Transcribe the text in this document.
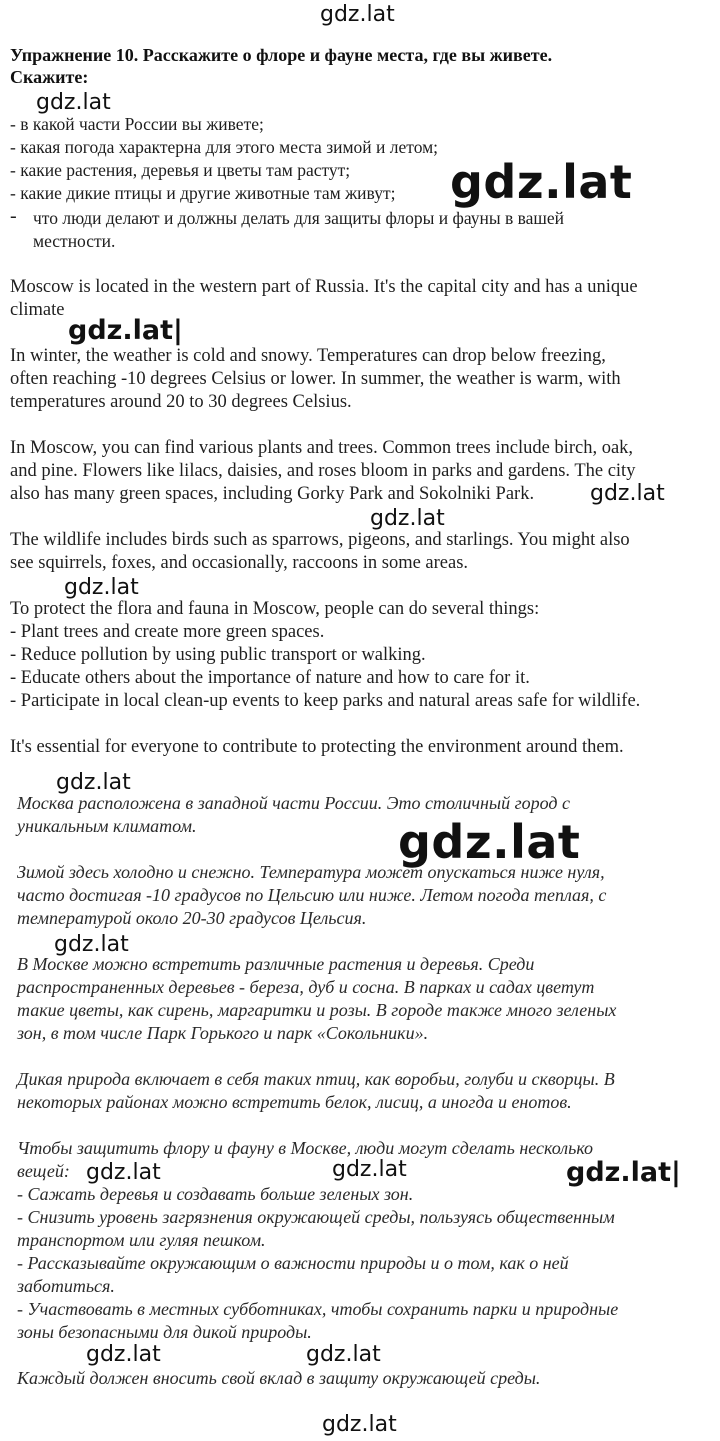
Упражнение 10. Расскажите о флоре и фауне места, где вы живете.
Скажите:
- в какой части России вы живете;
- какая погода характерна для этого места зимой и летом;
- какие растения, деревья и цветы там растут;
- какие дикие птицы и другие животные там живут;
- что люди делают и должны делать для защиты флоры и фауны в вашей
местности.
Moscow is located in the western part of Russia. It's the capital city and has a unique
climate
In winter, the weather is cold and snowy. Temperatures can drop below freezing,
often reaching -10 degrees Celsius or lower. In summer, the weather is warm, with
temperatures around 20 to 30 degrees Celsius.
In Moscow, you can find various plants and trees. Common trees include birch, oak,
and pine. Flowers like lilacs, daisies, and roses bloom in parks and gardens. The city
also has many green spaces, including Gorky Park and Sokolniki Park.
The wildlife includes birds such as sparrows, pigeons, and starlings. You might also
see squirrels, foxes, and occasionally, raccoons in some areas.
To protect the flora and fauna in Moscow, people can do several things:
- Plant trees and create more green spaces.
- Reduce pollution by using public transport or walking.
- Educate others about the importance of nature and how to care for it.
- Participate in local clean-up events to keep parks and natural areas safe for wildlife.
It's essential for everyone to contribute to protecting the environment around them.
Москва расположена в западной части России. Это столичный город с
уникальным климатом.
Зимой здесь холодно и снежно. Температура может опускаться ниже нуля,
часто достигая -10 градусов по Цельсию или ниже. Летом погода теплая, с
температурой около 20-30 градусов Цельсия.
В Москве можно встретить различные растения и деревья. Среди
распространенных деревьев - береза, дуб и сосна. В парках и садах цветут
такие цветы, как сирень, маргаритки и розы. В городе также много зеленых
зон, в том числе Парк Горького и парк «Сокольники».
Дикая природа включает в себя таких птиц, как воробьи, голуби и скворцы. В
некоторых районах можно встретить белок, лисиц, а иногда и енотов.
Чтобы защитить флору и фауну в Москве, люди могут сделать несколько
вещей:
- Сажать деревья и создавать больше зеленых зон.
- Снизить уровень загрязнения окружающей среды, пользуясь общественным
транспортом или гуляя пешком.
- Рассказывайте окружающим о важности природы и о том, как о ней
заботиться.
- Участвовать в местных субботниках, чтобы сохранить парки и природные
зоны безопасными для дикой природы.
Каждый должен вносить свой вклад в защиту окружающей среды.
gdz.lat
gdz.lat
gdz.lat
gdz.lat|
gdz.lat
gdz.lat
gdz.lat
gdz.lat
gdz.lat
gdz.lat
gdz.lat	gdz.lat	gdz.lat|
gdz.lat	gdz.lat
gdz.lat
